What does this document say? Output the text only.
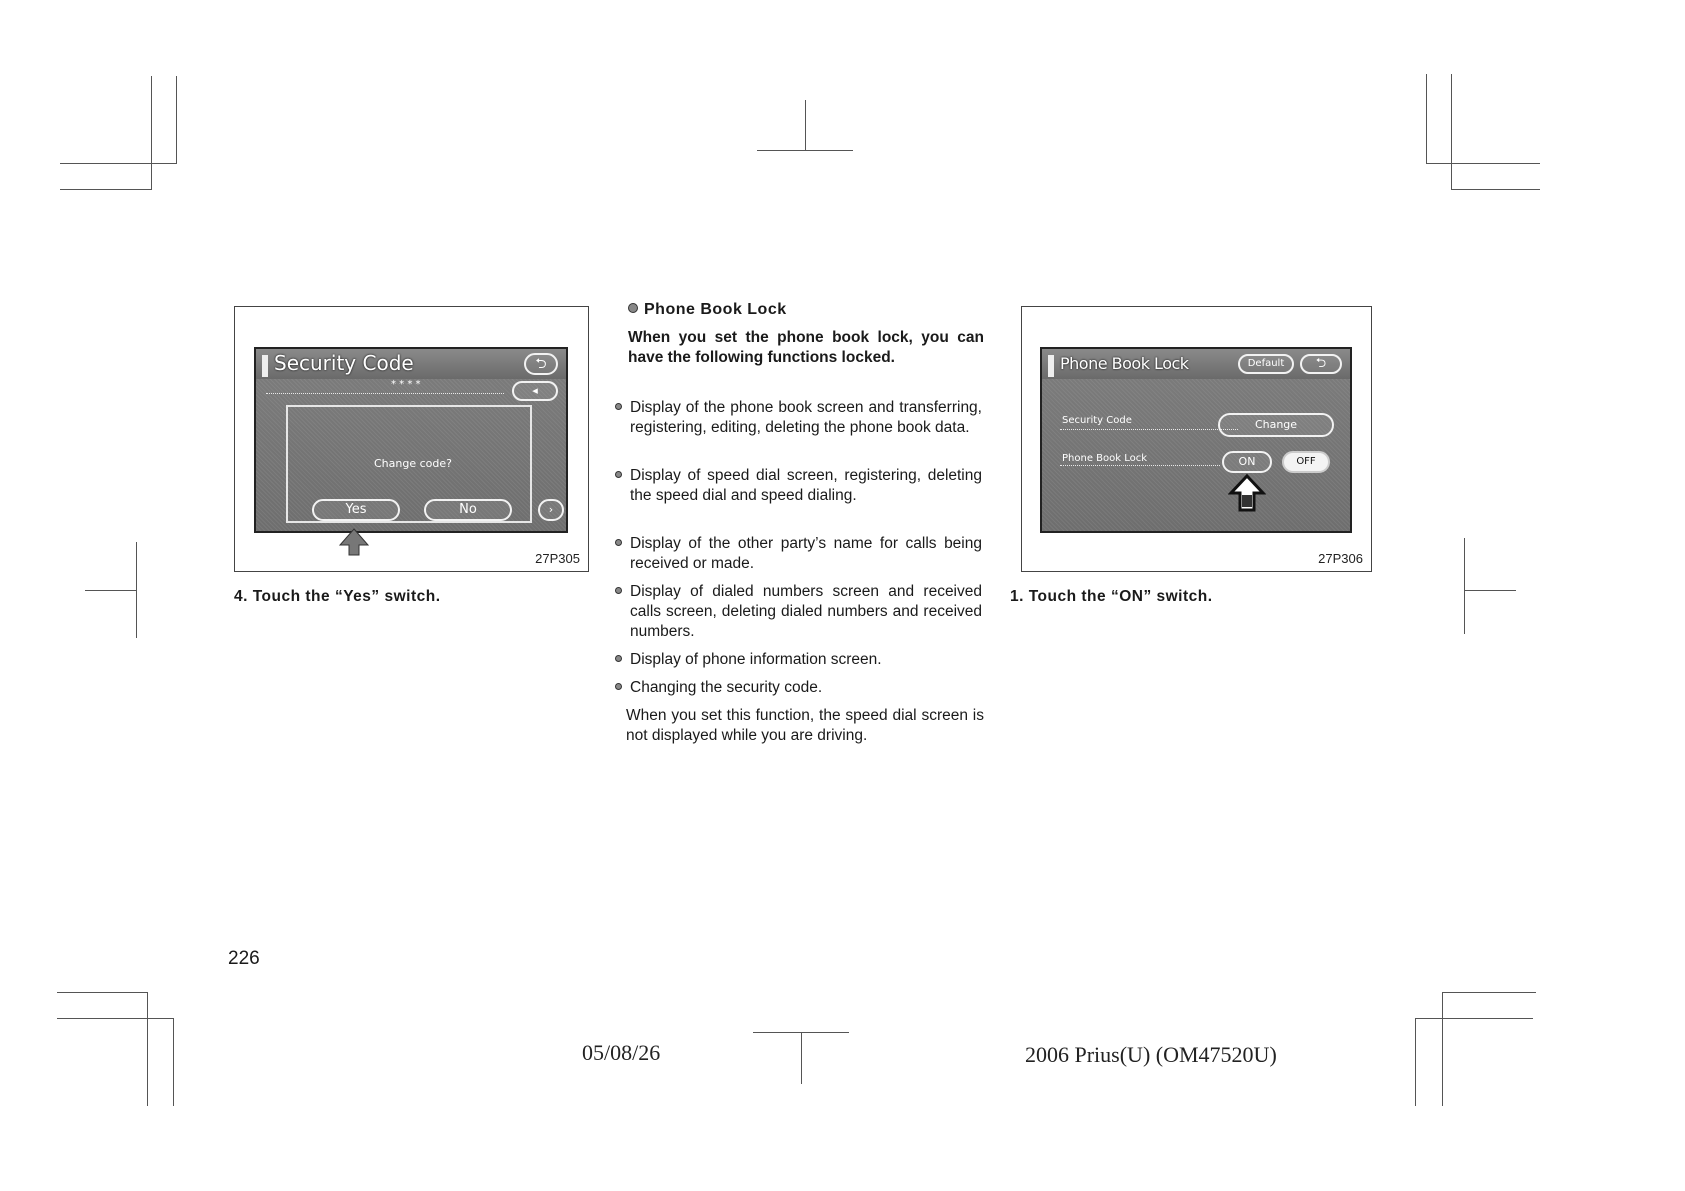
Security Code	⮌
* * * *	◂
Change code?
Yes	No	›
27P305
4. Touch the “Yes” switch.
Phone Book Lock
When you set the phone book lock, you can have the following functions locked.
Display of the phone book screen and transferring, registering, editing, deleting the phone book data.
Display of speed dial screen, registering, deleting the speed dial and speed dialing.
Display of the other party’s name for calls being received or made.
Display of dialed numbers screen and received calls screen, deleting dialed numbers and received numbers.
Display of phone information screen.
Changing the security code.
When you set this function, the speed dial screen is not displayed while you are driving.
Phone Book Lock	Default	⮌
Security Code	Change
Phone Book Lock	ON	OFF
27P306
1. Touch the “ON” switch.
226
05/08/26	2006 Prius(U) (OM47520U)
